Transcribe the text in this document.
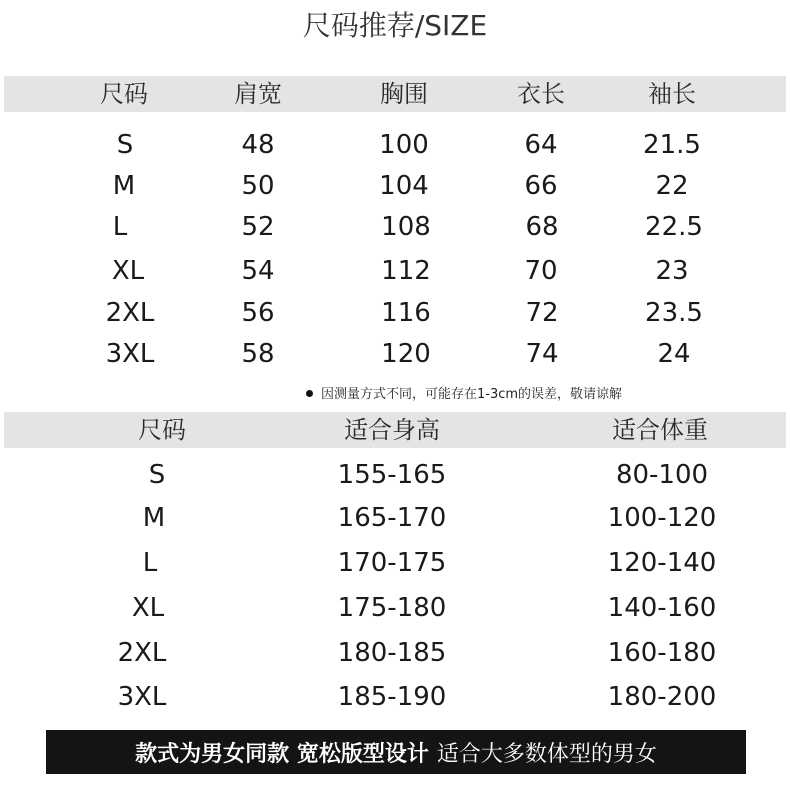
尺码推荐/SIZE
尺码	肩宽	胸围	衣长	袖长
S	48	100	64	21.5
M	50	104	66	22
L	52	108	68	22.5
XL	54	112	70	23
2XL	56	116	72	23.5
3XL	58	120	74	24
因测量方式不同，可能存在1-3cm的误差，敬请谅解
尺码	适合身高	适合体重
S	155-165	80-100
M	165-170	100-120
L	170-175	120-140
XL	175-180	140-160
2XL	180-185	160-180
3XL	185-190	180-200
款式为男女同款 宽松版型设计 适合大多数体型的男女
